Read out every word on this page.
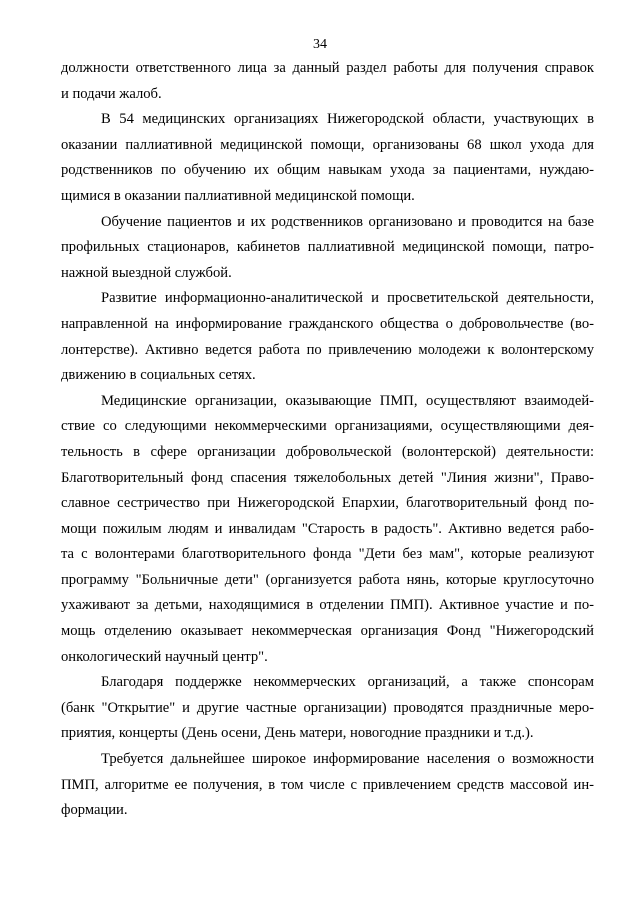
34
должности ответственного лица за данный раздел работы для получения справок
и подачи жалоб.
В 54 медицинских организациях Нижегородской области, участвующих в
оказании паллиативной медицинской помощи, организованы 68 школ ухода для
родственников по обучению их общим навыкам ухода за пациентами, нуждаю-
щимися в оказании паллиативной медицинской помощи.
Обучение пациентов и их родственников организовано и проводится на базе
профильных стационаров, кабинетов паллиативной медицинской помощи, патро-
нажной выездной службой.
Развитие информационно-аналитической и просветительской деятельности,
направленной на информирование гражданского общества о добровольчестве (во-
лонтерстве). Активно ведется работа по привлечению молодежи к волонтерскому
движению в социальных сетях.
Медицинские организации, оказывающие ПМП, осуществляют взаимодей-
ствие со следующими некоммерческими организациями, осуществляющими дея-
тельность в сфере организации добровольческой (волонтерской) деятельности:
Благотворительный фонд спасения тяжелобольных детей "Линия жизни", Право-
славное сестричество при Нижегородской Епархии, благотворительный фонд по-
мощи пожилым людям и инвалидам "Старость в радость". Активно ведется рабо-
та с волонтерами благотворительного фонда "Дети без мам", которые реализуют
программу "Больничные дети" (организуется работа нянь, которые круглосуточно
ухаживают за детьми, находящимися в отделении ПМП). Активное участие и по-
мощь отделению оказывает некоммерческая организация Фонд "Нижегородский
онкологический научный центр".
Благодаря поддержке некоммерческих организаций, а также спонсорам
(банк "Открытие" и другие частные организации) проводятся праздничные меро-
приятия, концерты (День осени, День матери, новогодние праздники и т.д.).
Требуется дальнейшее широкое информирование населения о возможности
ПМП, алгоритме ее получения, в том числе с привлечением средств массовой ин-
формации.
